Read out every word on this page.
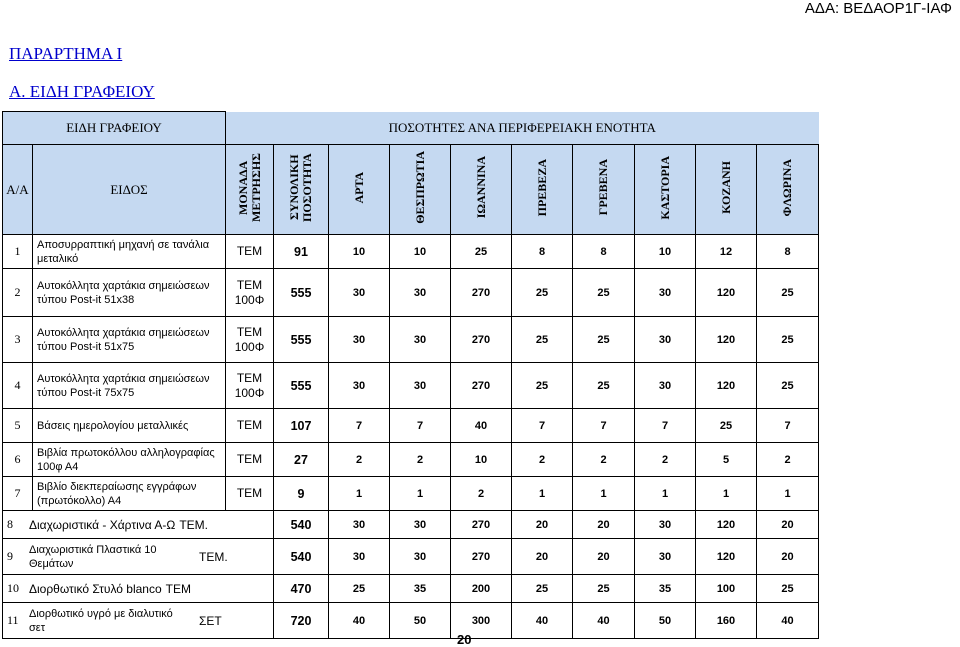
ΑΔΑ: ΒΕΔΑΟΡ1Γ-ΙΑΦ
ΠΑΡΑΡΤΗΜΑ Ι
Α. ΕΙΔΗ ΓΡΑΦΕΙΟΥ
ΕΙΔΗ ΓΡΑΦΕΙΟΥ		ΠΟΣΟΤΗΤΕΣ ΑΝΑ ΠΕΡΙΦΕΡΕΙΑΚΗ ΕΝΟΤΗΤΑ									
Α/Α	ΕΙΔΟΣ	ΜΟΝΑΔΑ ΜΕΤΡΗΣΗΣ	ΣΥΝΟΛΙΚΗ ΠΟΣΟΤΗΤΑ	ΑΡΤΑ	ΘΕΣΠΡΩΤΙΑ	ΙΩΑΝΝΙΝΑ	ΠΡΕΒΕΖΑ	ΓΡΕΒΕΝΑ	ΚΑΣΤΟΡΙΑ	ΚΟΖΑΝΗ	ΦΛΩΡΙΝΑ
1	Αποσυρραπτική μηχανή σε τανάλια μεταλικό	ΤΕΜ	91	10	10	25	8	8	10	12	8
2	Αυτοκόλλητα χαρτάκια σημειώσεων τύπου Post-it 51x38	ΤΕΜ 100Φ	555	30	30	270	25	25	30	120	25
3	Αυτοκόλλητα χαρτάκια σημειώσεων τύπου Post-it 51x75	ΤΕΜ 100Φ	555	30	30	270	25	25	30	120	25
4	Αυτοκόλλητα χαρτάκια σημειώσεων τύπου Post-it 75x75	ΤΕΜ 100Φ	555	30	30	270	25	25	30	120	25
5	Βάσεις ημερολογίου μεταλλικές	ΤΕΜ	107	7	7	40	7	7	7	25	7
6	Βιβλία πρωτοκόλλου αλληλογραφίας 100φ Α4	ΤΕΜ	27	2	2	10	2	2	2	5	2
7	Βιβλίο διεκπεραίωσης εγγράφων (πρωτόκολλο) Α4	ΤΕΜ	9	1	1	2	1	1	1	1	1

8 Διαχωριστικά - Χάρτινα Α-Ω ΤΕΜ.			540	30	30	270	20	20	30	120	20

9 Διαχωριστικά Πλαστικά 10 Θεμάτων ΤΕΜ.			540	30	30	270	20	20	30	120	20

10 Διορθωτικό Στυλό blanco ΤΕΜ			470	25	35	200	25	25	35	100	25

11 Διορθωτικό υγρό με διαλυτικό σετ ΣΕΤ			720	40	50	300	40	40	50	160	40
20
